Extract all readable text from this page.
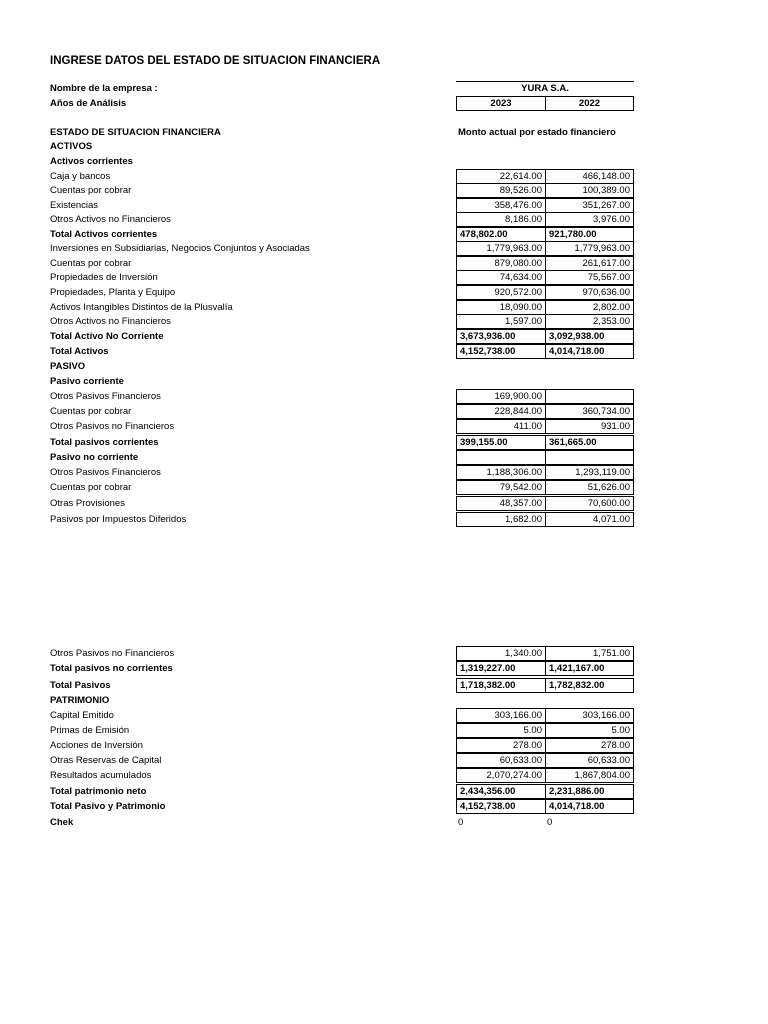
INGRESE DATOS DEL ESTADO DE SITUACION FINANCIERA
Nombre de la empresa :	YURA S.A.
Años de Análisis	2023	2022
ESTADO DE SITUACION FINANCIERA	Monto actual por estado financiero
ACTIVOS
Activos corrientes
Caja y bancos	22,614.00	466,148.00
Cuentas por cobrar	89,526.00	100,389.00
Existencias	358,476.00	351,267.00
Otros Activos no Financieros	8,186.00	3,976.00
Total Activos corrientes	478,802.00	921,780.00
Inversiones en Subsidiarias, Negocios Conjuntos y Asociadas	1,779,963.00	1,779,963.00
Cuentas por cobrar	879,080.00	261,617.00
Propiedades de Inversión	74,634.00	75,567.00
Propiedades, Planta y Equipo	920,572.00	970,636.00
Activos Intangibles Distintos de la Plusvalía	18,090.00	2,802.00
Otros Activos no Financieros	1,597.00	2,353.00
Total Activo No Corriente	3,673,936.00	3,092,938.00
Total Activos	4,152,738.00	4,014,718.00
PASIVO
Pasivo corriente
Otros Pasivos Financieros	169,900.00
Cuentas por cobrar	228,844.00	360,734.00
Otros Pasivos no Financieros	411.00	931.00
Total pasivos corrientes	399,155.00	361,665.00
Pasivo no corriente
Otros Pasivos Financieros	1,188,306.00	1,293,119.00
Cuentas por cobrar	79,542.00	51,626.00
Otras Provisiones	48,357.00	70,600.00
Pasivos por Impuestos Diferidos	1,682.00	4,071.00
Otros Pasivos no Financieros	1,340.00	1,751.00
Total pasivos no corrientes	1,319,227.00	1,421,167.00
Total Pasivos	1,718,382.00	1,782,832.00
PATRIMONIO
Capital Emitido	303,166.00	303,166.00
Primas de Emisión	5.00	5.00
Acciones de Inversión	278.00	278.00
Otras Reservas de Capital	60,633.00	60,633.00
Resultados acumulados	2,070,274.00	1,867,804.00
Total patrimonio neto	2,434,356.00	2,231,886.00
Total Pasivo y Patrimonio	4,152,738.00	4,014,718.00
Chek	0	0
